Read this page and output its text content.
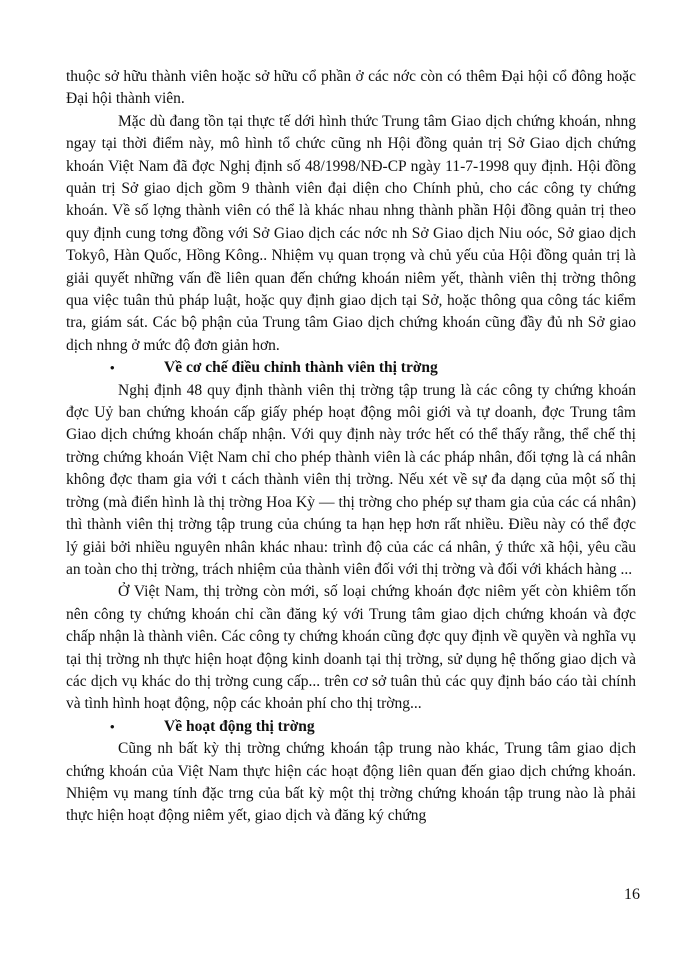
thuộc sở hữu thành viên hoặc sở hữu cổ phần ở các nớc còn có thêm Đại hội cổ đông hoặc Đại hội thành viên.

Mặc dù đang tồn tại thực tế dới hình thức Trung tâm Giao dịch chứng khoán, nhng ngay tại thời điểm này, mô hình tổ chức cũng nh Hội đồng quản trị Sở Giao dịch chứng khoán Việt Nam đã đợc Nghị định số 48/1998/NĐ-CP ngày 11-7-1998 quy định. Hội đồng quản trị Sở giao dịch gồm 9 thành viên đại diện cho Chính phủ, cho các công ty chứng khoán. Về số lợng thành viên có thể là khác nhau nhng thành phần Hội đồng quản trị theo quy định cung tơng đồng với Sở Giao dịch các nớc nh Sở Giao dịch Niu oóc, Sở giao dịch Tokyô, Hàn Quốc, Hồng Kông.. Nhiệm vụ quan trọng và chủ yếu của Hội đồng quản trị là giải quyết những vấn đề liên quan đến chứng khoán niêm yết, thành viên thị trờng thông qua việc tuân thủ pháp luật, hoặc quy định giao dịch tại Sở, hoặc thông qua công tác kiểm tra, giám sát. Các bộ phận của Trung tâm Giao dịch chứng khoán cũng đầy đủ nh Sở giao dịch nhng ở mức độ đơn giản hơn.

•	Về cơ chế điều chỉnh thành viên thị trờng

Nghị định 48 quy định thành viên thị trờng tập trung là các công ty chứng khoán đợc Uỷ ban chứng khoán cấp giấy phép hoạt động môi giới và tự doanh, đợc Trung tâm Giao dịch chứng khoán chấp nhận. Với quy định này trớc hết có thể thấy rằng, thể chế thị trờng chứng khoán Việt Nam chỉ cho phép thành viên là các pháp nhân, đối tợng là cá nhân không đợc tham gia với t cách thành viên thị trờng. Nếu xét về sự đa dạng của một số thị trờng (mà điển hình là thị trờng Hoa Kỳ — thị trờng cho phép sự tham gia của các cá nhân) thì thành viên thị trờng tập trung của chúng ta hạn hẹp hơn rất nhiều. Điều này có thể đợc lý giải bởi nhiều nguyên nhân khác nhau: trình độ của các cá nhân, ý thức xã hội, yêu cầu an toàn cho thị trờng, trách nhiệm của thành viên đối với thị trờng và đối với khách hàng ...

Ở Việt Nam, thị trờng còn mới, số loại chứng khoán đợc niêm yết còn khiêm tốn nên công ty chứng khoán chỉ cần đăng ký với Trung tâm giao dịch chứng khoán và đợc chấp nhận là thành viên. Các công ty chứng khoán cũng đợc quy định về quyền và nghĩa vụ tại thị trờng nh thực hiện hoạt động kinh doanh tại thị trờng, sử dụng hệ thống giao dịch và các dịch vụ khác do thị trờng cung cấp... trên cơ sở tuân thủ các quy định báo cáo tài chính và tình hình hoạt động, nộp các khoản phí cho thị trờng...

•	Về hoạt động thị trờng

Cũng nh bất kỳ thị trờng chứng khoán tập trung nào khác, Trung tâm giao dịch chứng khoán của Việt Nam thực hiện các hoạt động liên quan đến giao dịch chứng khoán. Nhiệm vụ mang tính đặc trng của bất kỳ một thị trờng chứng khoán tập trung nào là phải thực hiện hoạt động niêm yết, giao dịch và đăng ký chứng

16
